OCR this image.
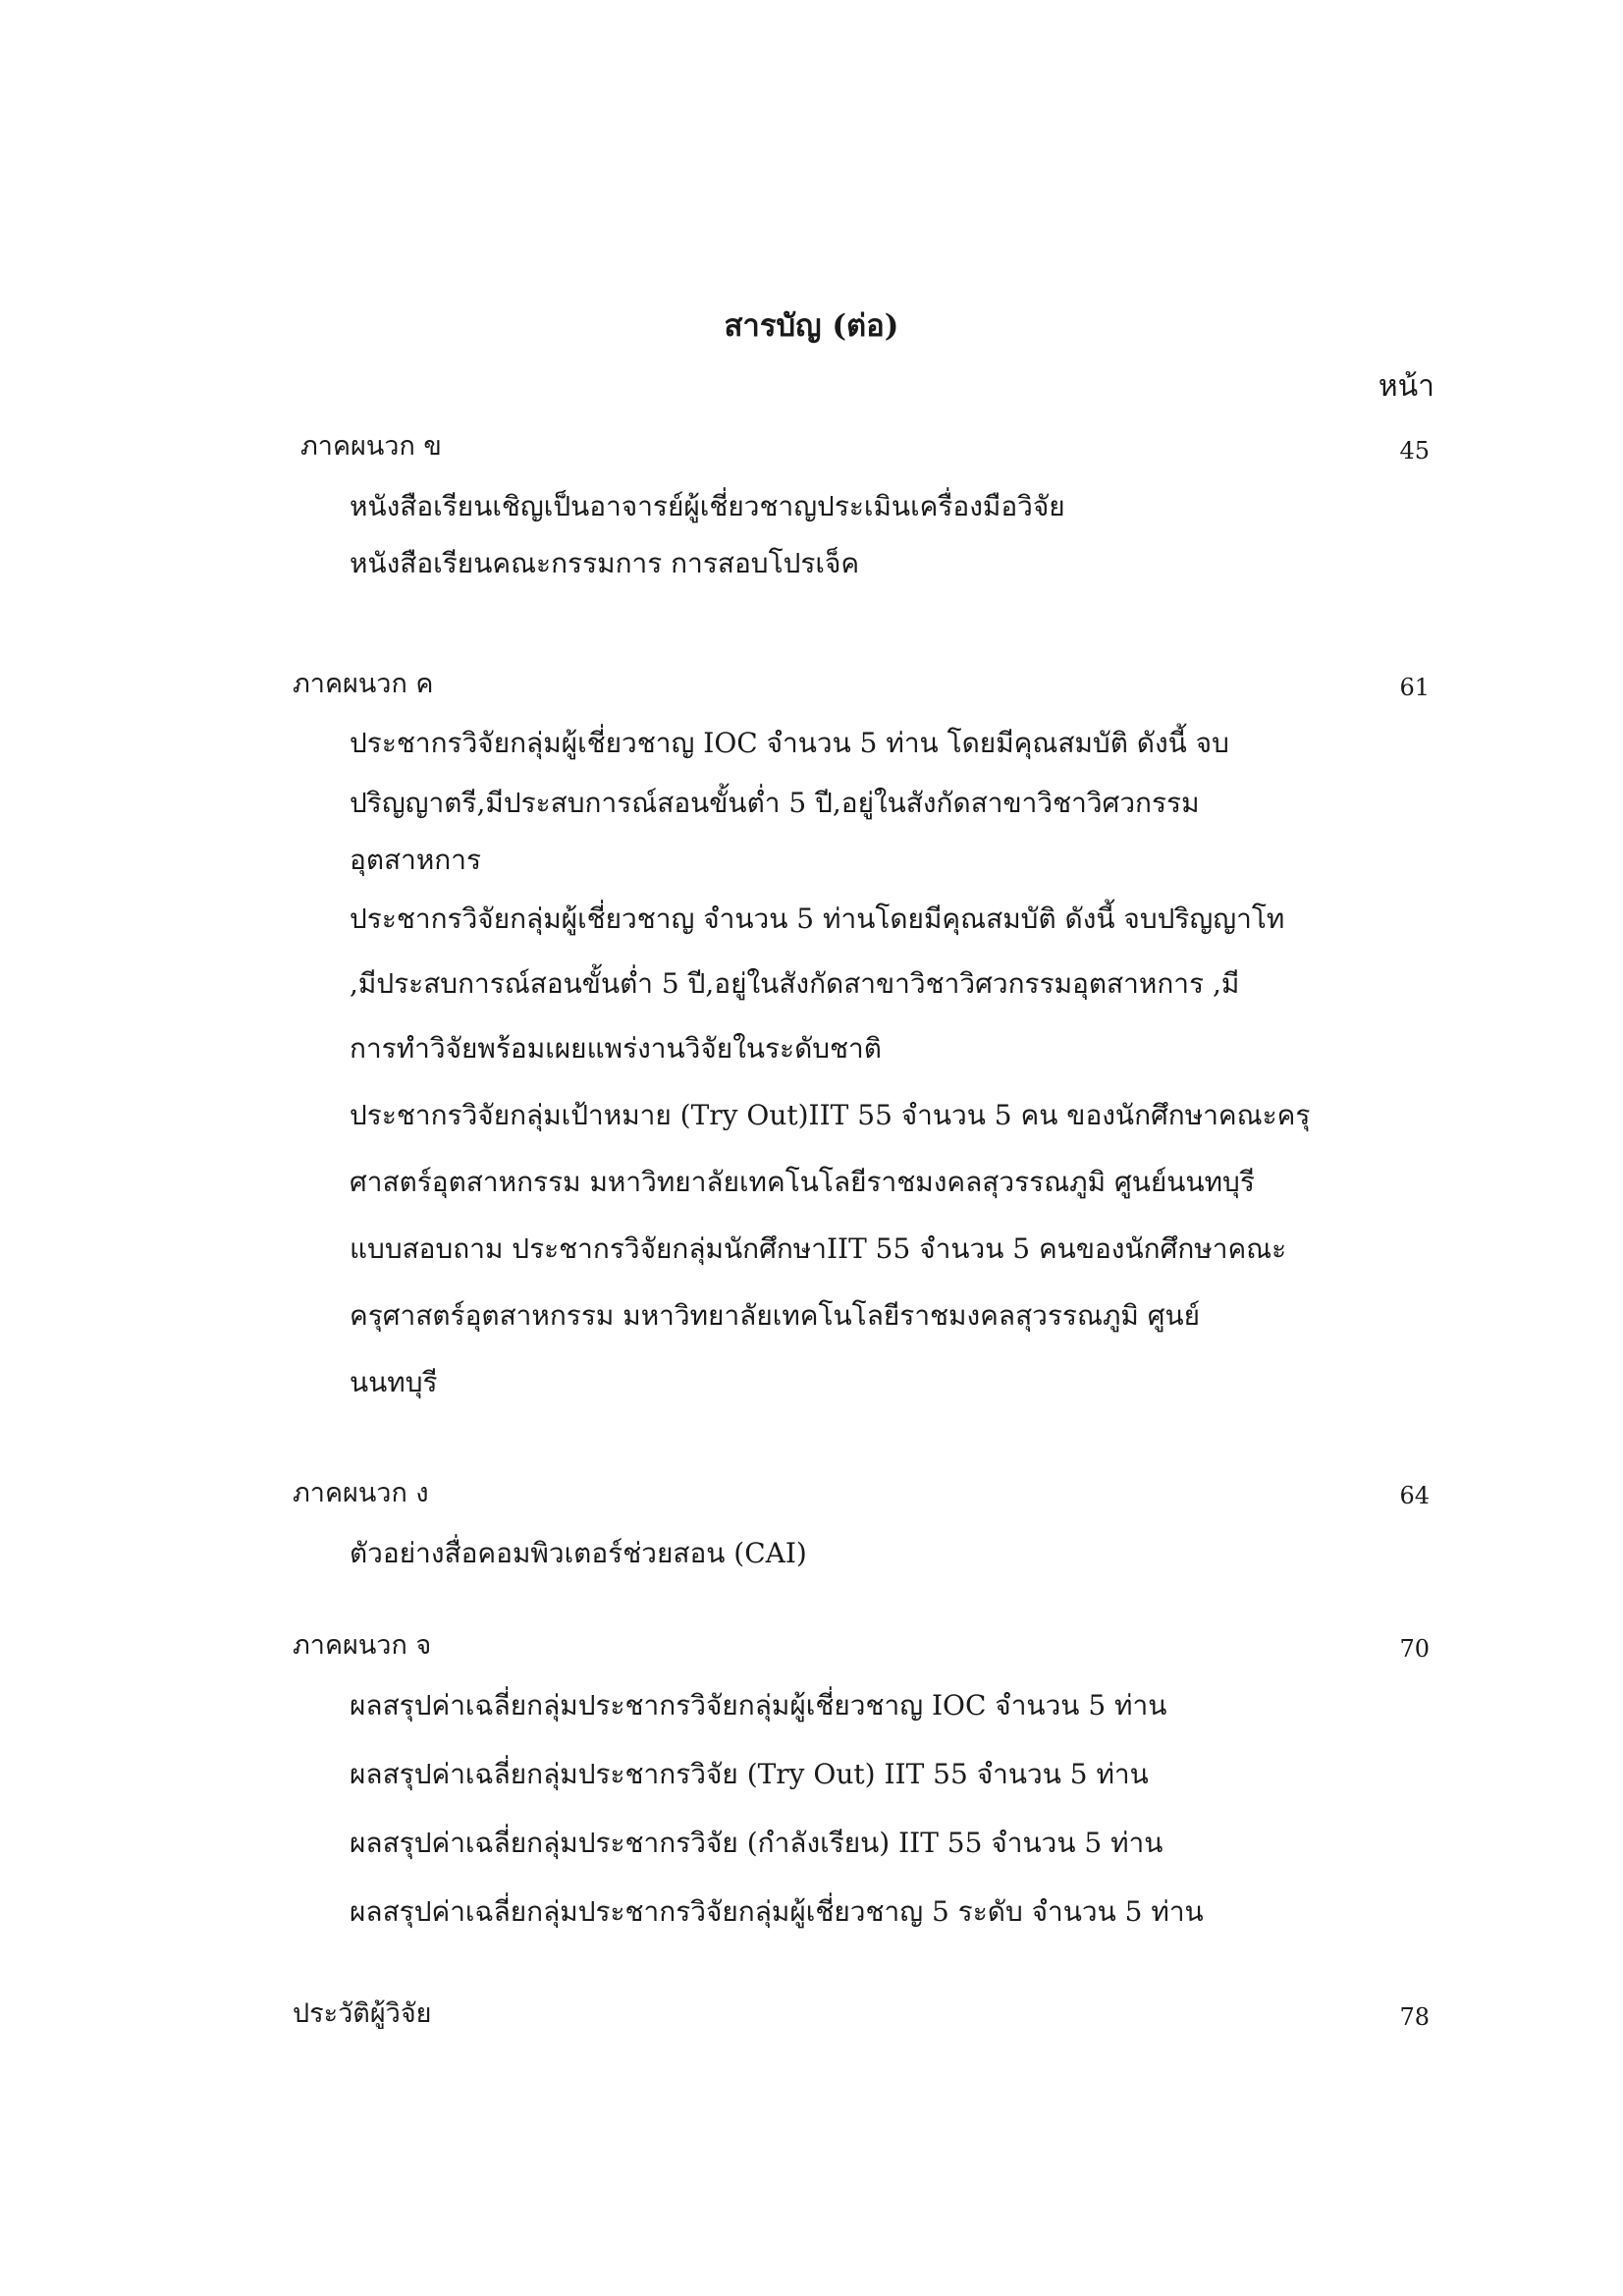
สารบัญ (ต่อ)
หน้า
ภาคผนวก ข	45
หนังสือเรียนเชิญเป็นอาจารย์ผู้เชี่ยวชาญประเมินเครื่องมือวิจัย
หนังสือเรียนคณะกรรมการ การสอบโปรเจ็ค
ภาคผนวก ค	61
ประชากรวิจัยกลุ่มผู้เชี่ยวชาญ IOC จำนวน 5 ท่าน โดยมีคุณสมบัติ ดังนี้ จบ
ปริญญาตรี,มีประสบการณ์สอนขั้นต่ำ 5 ปี,อยู่ในสังกัดสาขาวิชาวิศวกรรม
อุตสาหการ
ประชากรวิจัยกลุ่มผู้เชี่ยวชาญ จำนวน 5 ท่านโดยมีคุณสมบัติ ดังนี้ จบปริญญาโท
,มีประสบการณ์สอนขั้นต่ำ 5 ปี,อยู่ในสังกัดสาขาวิชาวิศวกรรมอุตสาหการ ,มี
การทำวิจัยพร้อมเผยแพร่งานวิจัยในระดับชาติ
ประชากรวิจัยกลุ่มเป้าหมาย (Try Out)IIT 55 จำนวน 5 คน ของนักศึกษาคณะครุ
ศาสตร์อุตสาหกรรม มหาวิทยาลัยเทคโนโลยีราชมงคลสุวรรณภูมิ ศูนย์นนทบุรี
แบบสอบถาม ประชากรวิจัยกลุ่มนักศึกษาIIT 55 จำนวน 5 คนของนักศึกษาคณะ
ครุศาสตร์อุตสาหกรรม มหาวิทยาลัยเทคโนโลยีราชมงคลสุวรรณภูมิ ศูนย์
นนทบุรี
ภาคผนวก ง	64
ตัวอย่างสื่อคอมพิวเตอร์ช่วยสอน (CAI)
ภาคผนวก จ	70
ผลสรุปค่าเฉลี่ยกลุ่มประชากรวิจัยกลุ่มผู้เชี่ยวชาญ IOC จำนวน 5 ท่าน
ผลสรุปค่าเฉลี่ยกลุ่มประชากรวิจัย (Try Out) IIT 55 จำนวน 5 ท่าน
ผลสรุปค่าเฉลี่ยกลุ่มประชากรวิจัย (กำลังเรียน) IIT 55 จำนวน 5 ท่าน
ผลสรุปค่าเฉลี่ยกลุ่มประชากรวิจัยกลุ่มผู้เชี่ยวชาญ 5 ระดับ จำนวน 5 ท่าน
ประวัติผู้วิจัย	78
